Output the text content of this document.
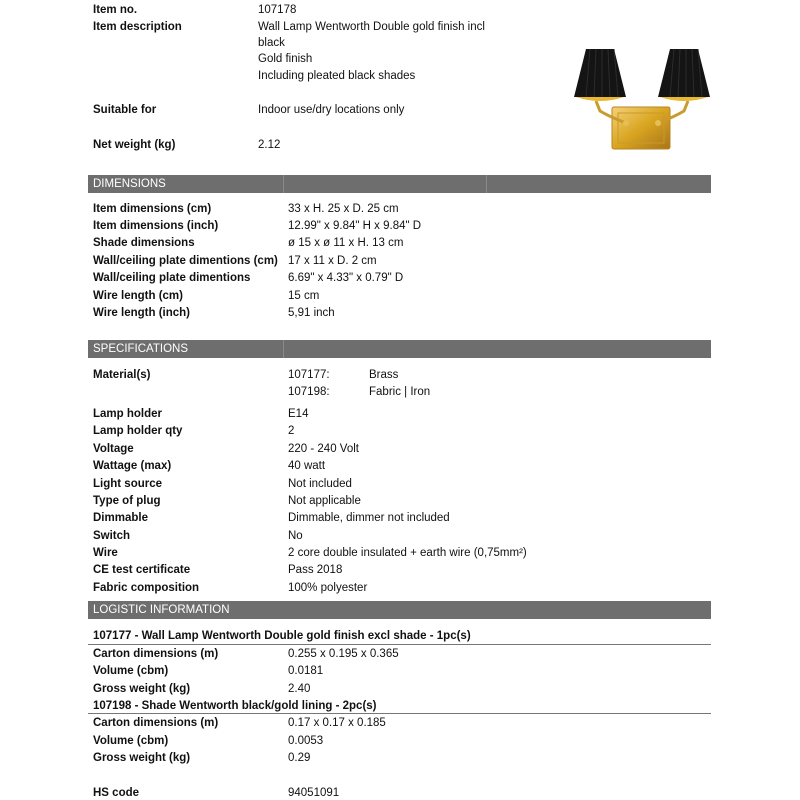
Item no.	107178
Item description	Wall Lamp Wentworth Double gold finish incl
black
Gold finish
Including pleated black shades
Suitable for	Indoor use/dry locations only
Net weight (kg)	2.12
DIMENSIONS
Item dimensions (cm)	33 x H. 25 x D. 25 cm
Item dimensions (inch)	12.99" x 9.84" H x 9.84" D
Shade dimensions	ø 15 x ø 11 x H. 13 cm
Wall/ceiling plate dimentions (cm) 17 x 11 x D. 2 cm
Wall/ceiling plate dimentions	6.69" x 4.33" x 0.79" D
Wire length (cm)	15 cm
Wire length (inch)	5,91 inch
SPECIFICATIONS
Material(s)	107177:	Brass
107198:	Fabric | Iron
Lamp holder	E14
Lamp holder qty	2
Voltage	220 - 240 Volt
Wattage (max)	40 watt
Light source	Not included
Type of plug	Not applicable
Dimmable	Dimmable, dimmer not included
Switch	No
Wire	2 core double insulated + earth wire (0,75mm²)
CE test certificate	Pass 2018
Fabric composition	100% polyester
LOGISTIC INFORMATION
107177 - Wall Lamp Wentworth Double gold finish excl shade - 1pc(s)
Carton dimensions (m)	0.255 x 0.195 x 0.365
Volume (cbm)	0.0181
Gross weight (kg)	2.40
107198 - Shade Wentworth black/gold lining - 2pc(s)
Carton dimensions (m)	0.17 x 0.17 x 0.185
Volume (cbm)	0.0053
Gross weight (kg)	0.29
HS code	94051091
